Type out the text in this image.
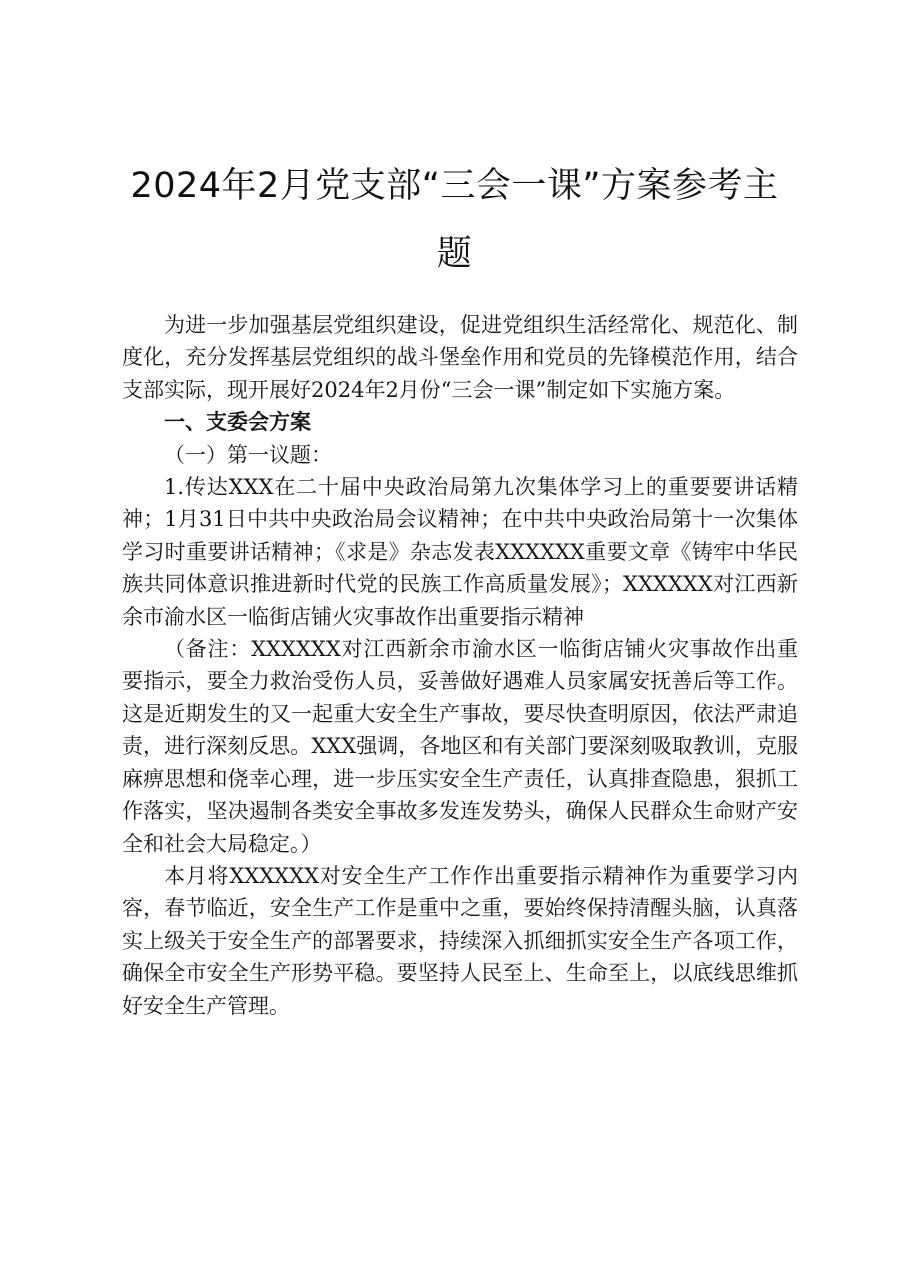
2024年2月党支部“三会一课”方案参考主题

为进一步加强基层党组织建设，促进党组织生活经常化、规范化、制度化，充分发挥基层党组织的战斗堡垒作用和党员的先锋模范作用，结合支部实际，现开展好2024年2月份“三会一课”制定如下实施方案。

一、支委会方案

（一）第一议题：

1.传达XXX在二十届中央政治局第九次集体学习上的重要要讲话精神；1月31日中共中央政治局会议精神；在中共中央政治局第十一次集体学习时重要讲话精神；《求是》杂志发表XXXXXX重要文章《铸牢中华民族共同体意识推进新时代党的民族工作高质量发展》；XXXXXX对江西新余市渝水区一临街店铺火灾事故作出重要指示精神

（备注：XXXXXX对江西新余市渝水区一临街店铺火灾事故作出重要指示，要全力救治受伤人员，妥善做好遇难人员家属安抚善后等工作。这是近期发生的又一起重大安全生产事故，要尽快查明原因，依法严肃追责，进行深刻反思。XXX强调，各地区和有关部门要深刻吸取教训，克服麻痹思想和侥幸心理，进一步压实安全生产责任，认真排查隐患，狠抓工作落实，坚决遏制各类安全事故多发连发势头，确保人民群众生命财产安全和社会大局稳定。）

本月将XXXXXX对安全生产工作作出重要指示精神作为重要学习内容，春节临近，安全生产工作是重中之重，要始终保持清醒头脑，认真落实上级关于安全生产的部署要求，持续深入抓细抓实安全生产各项工作，确保全市安全生产形势平稳。要坚持人民至上、生命至上，以底线思维抓好安全生产管理。
